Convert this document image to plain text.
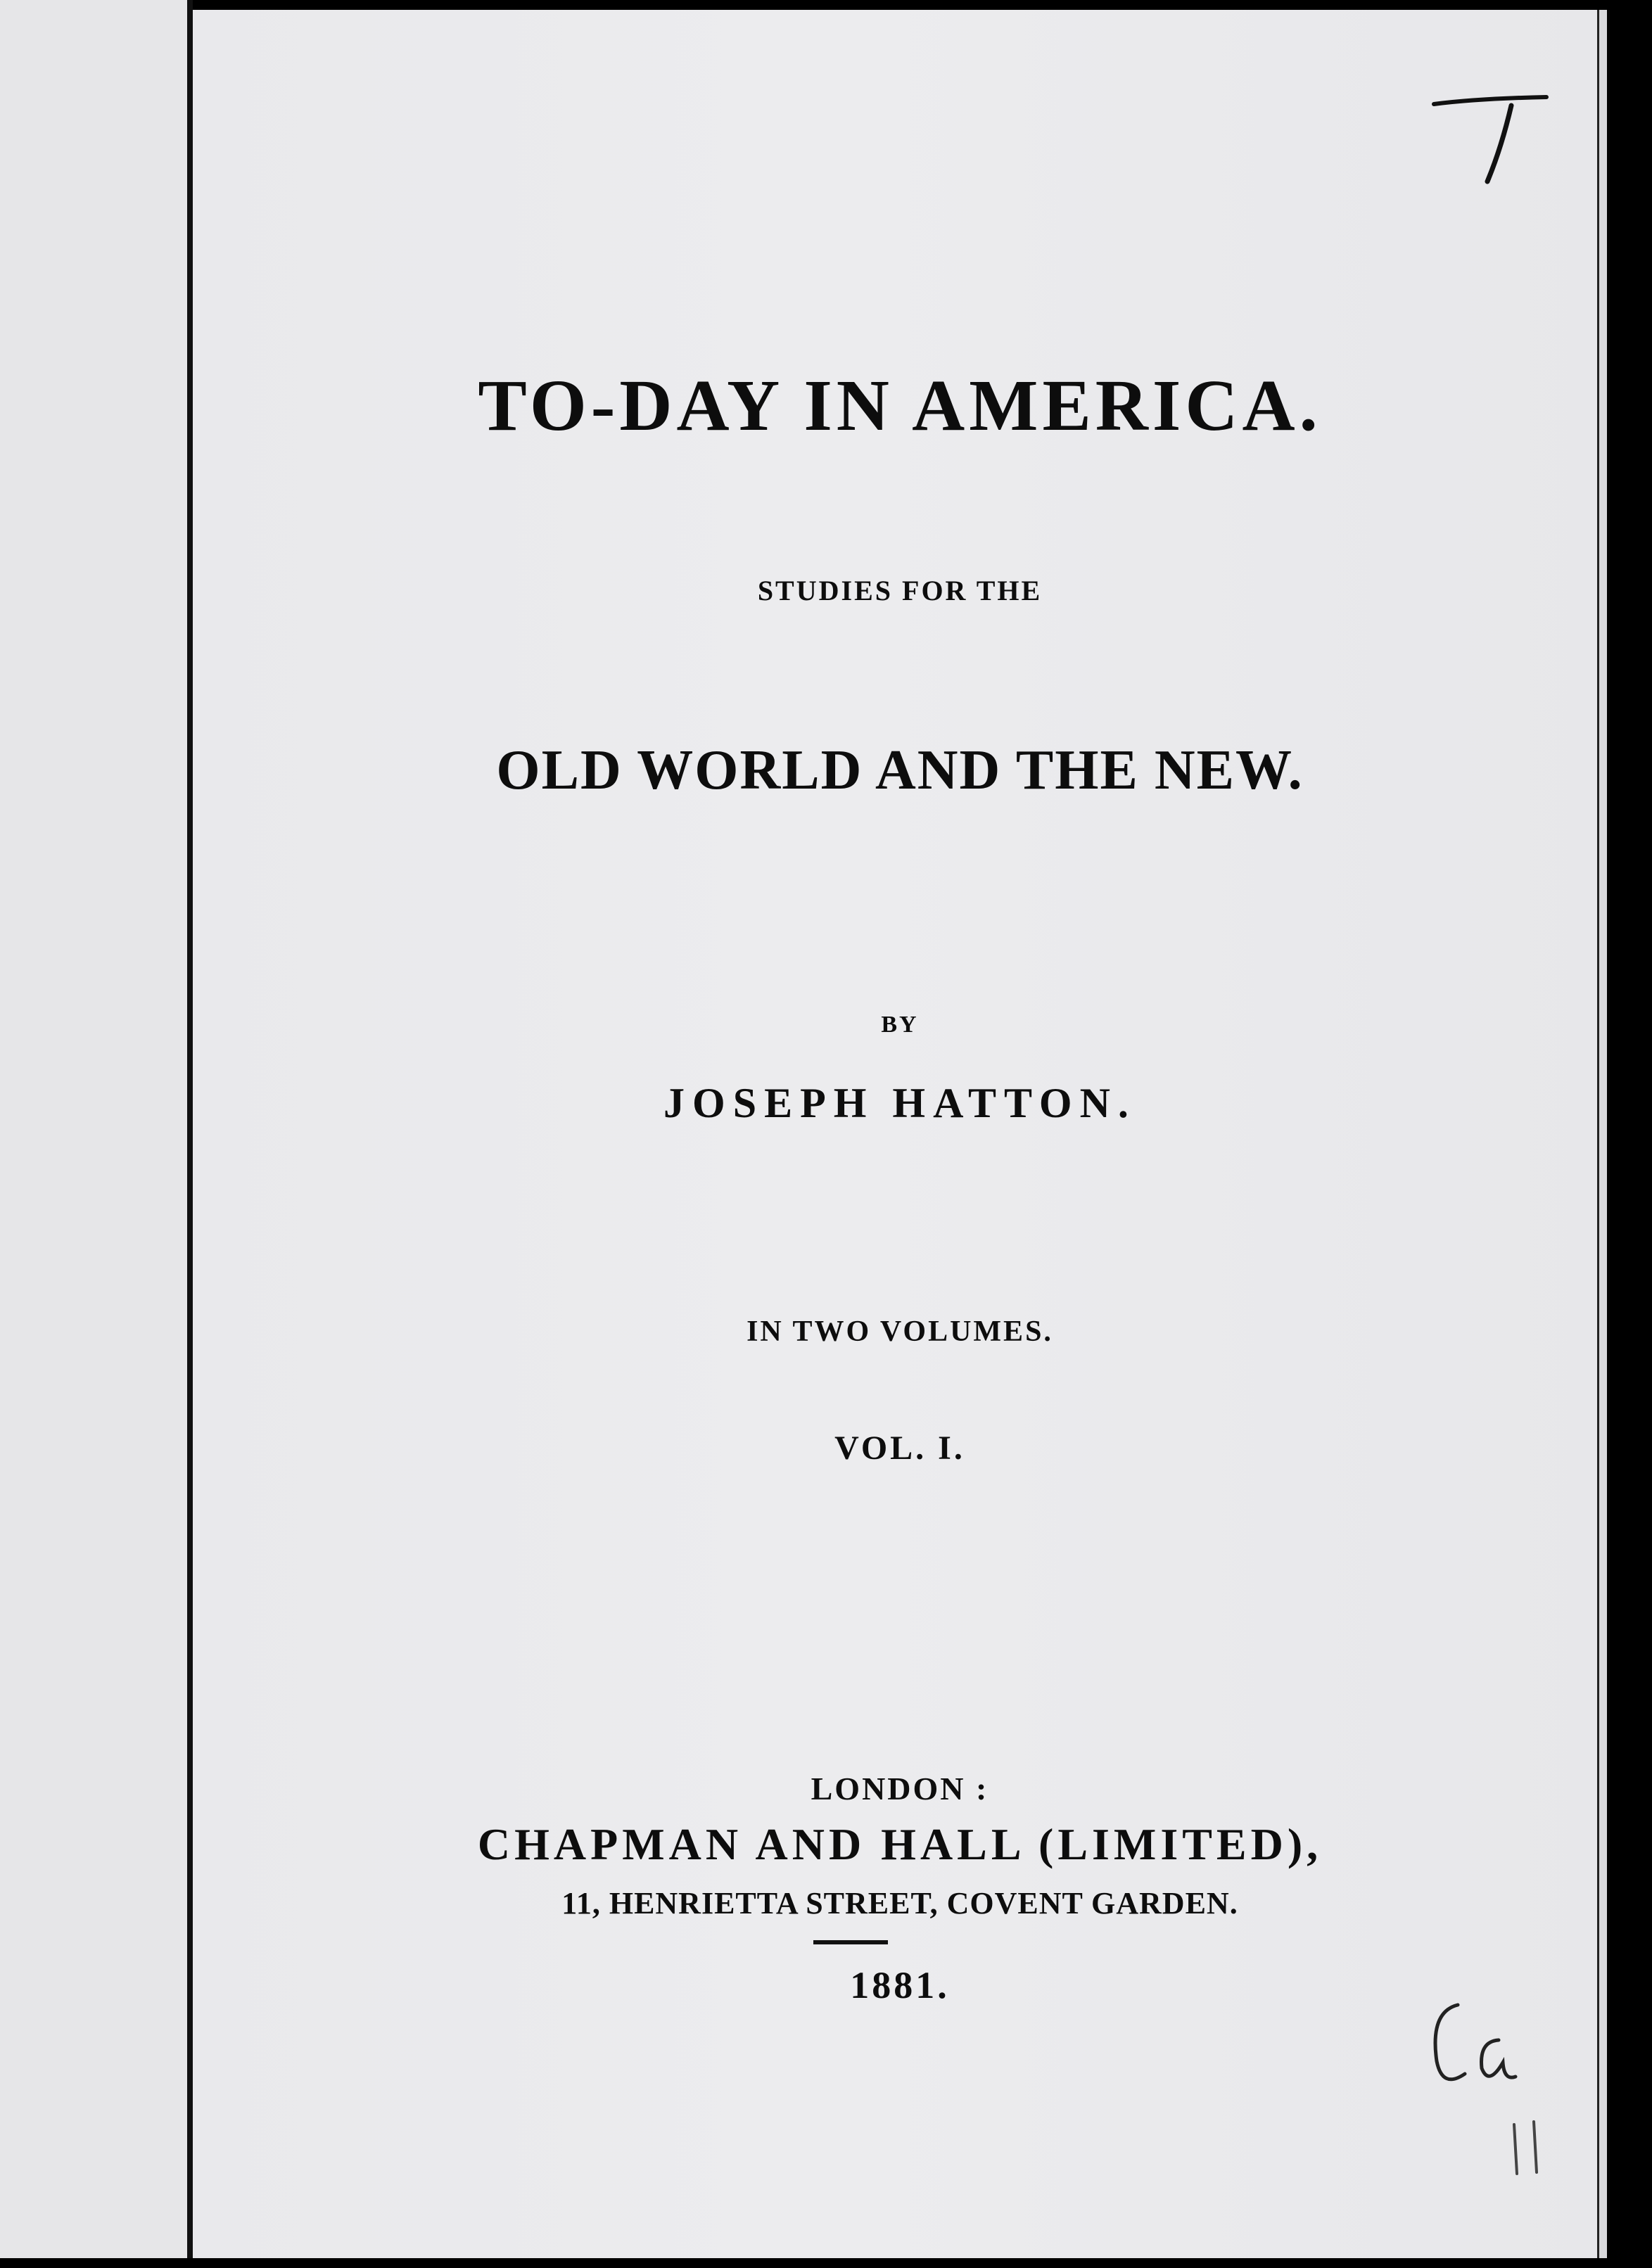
TO-DAY IN AMERICA.

STUDIES FOR THE

OLD WORLD AND THE NEW.

BY

JOSEPH HATTON.

IN TWO VOLUMES.

VOL. I.

LONDON :

CHAPMAN AND HALL (LIMITED),

11, HENRIETTA STREET, COVENT GARDEN.

1881.
